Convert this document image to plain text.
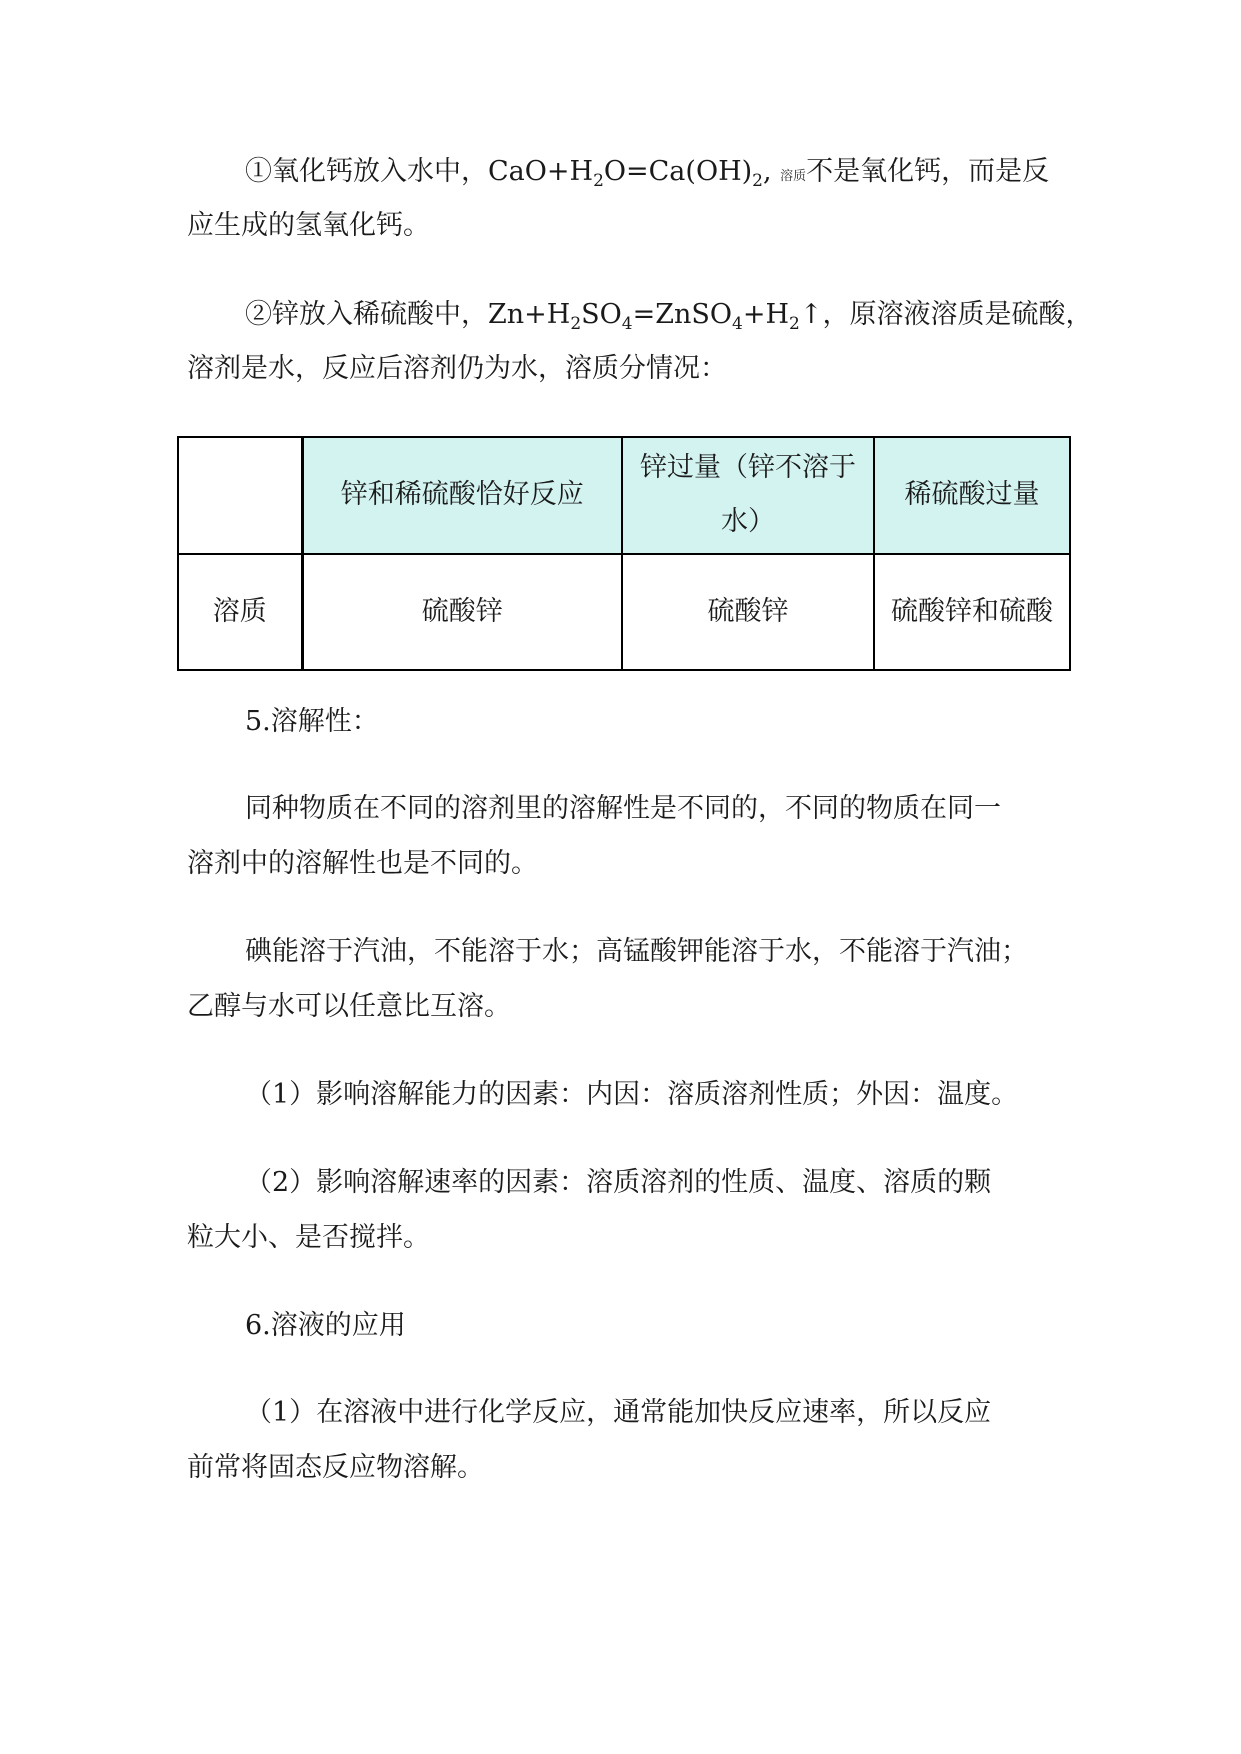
①氧化钙放入水中，$CaO+H_2O=Ca(OH)_2$, 溶质不是氧化钙，而是反
应生成的氢氧化钙。
②锌放入稀硫酸中，$Zn+H_2SO_4=ZnSO_4+H_2↑$，原溶液溶质是硫酸，
溶剂是水，反应后溶剂仍为水，溶质分情况：
	锌和稀硫酸恰好反应	锌过量（锌不溶于水）	稀硫酸过量
溶质	硫酸锌	硫酸锌	硫酸锌和硫酸
5.溶解性：
同种物质在不同的溶剂里的溶解性是不同的，不同的物质在同一
溶剂中的溶解性也是不同的。
碘能溶于汽油，不能溶于水；高锰酸钾能溶于水，不能溶于汽油；
乙醇与水可以任意比互溶。
（1）影响溶解能力的因素：内因：溶质溶剂性质；外因：温度。
（2）影响溶解速率的因素：溶质溶剂的性质、温度、溶质的颗
粒大小、是否搅拌。
6.溶液的应用
（1）在溶液中进行化学反应，通常能加快反应速率，所以反应
前常将固态反应物溶解。
